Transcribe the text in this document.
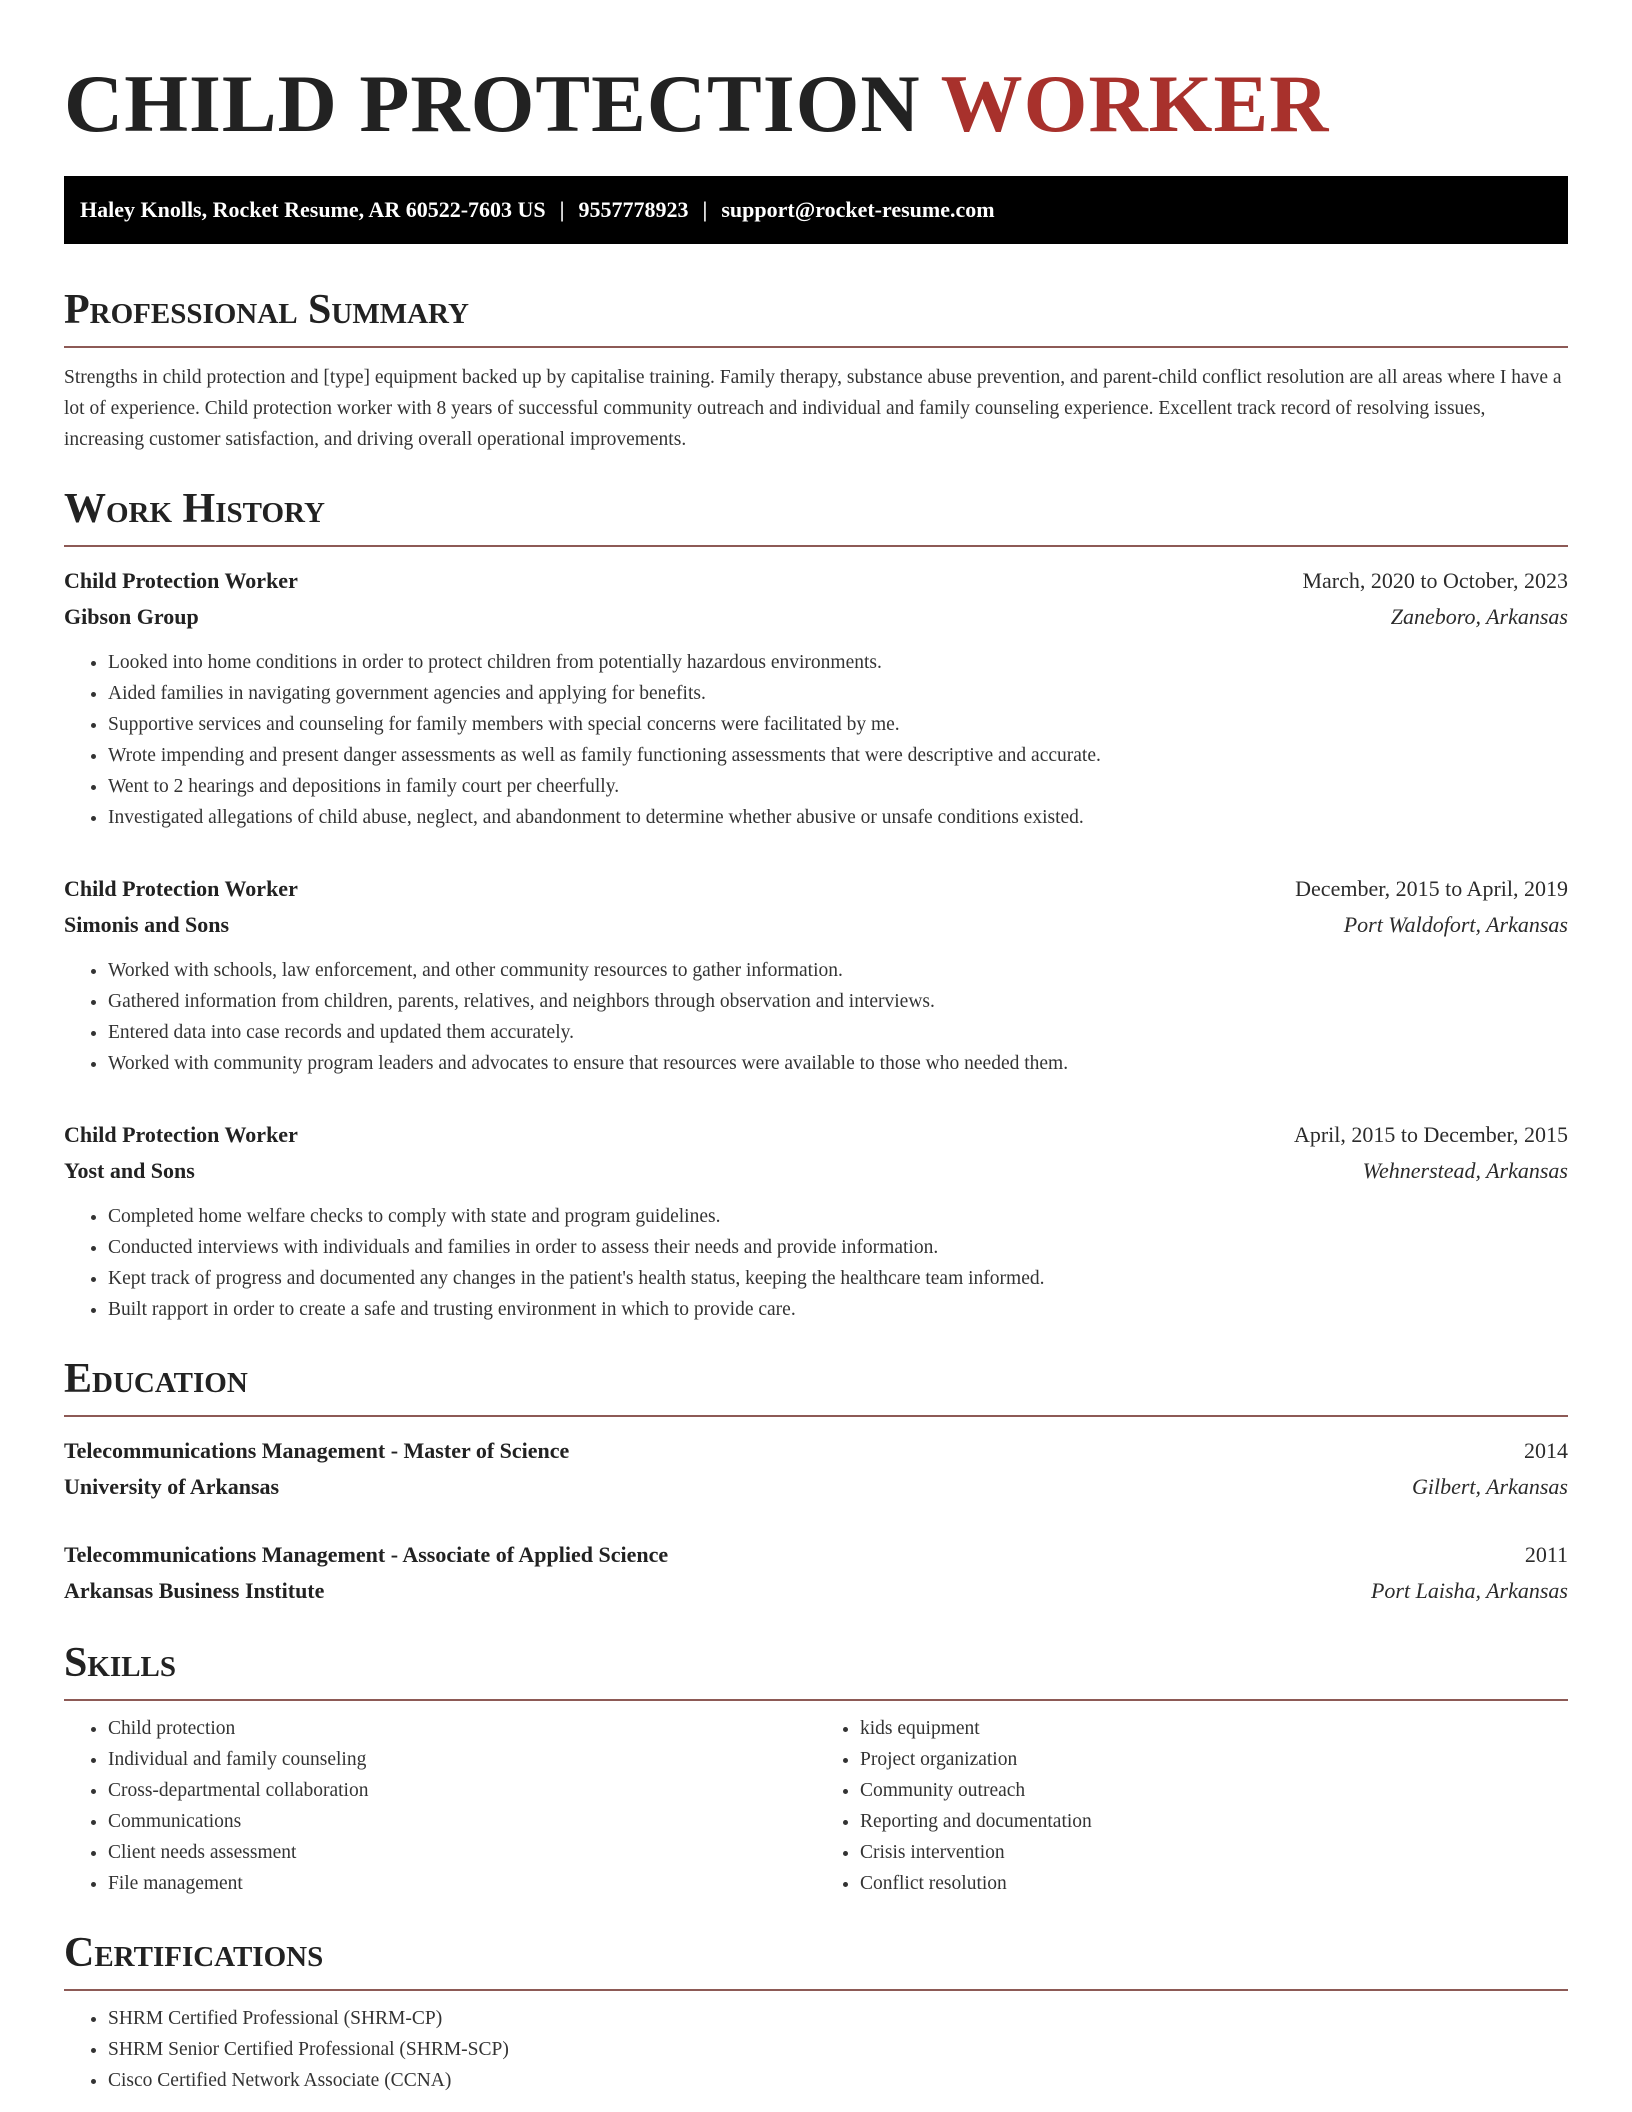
CHILD PROTECTION WORKER
Haley Knolls, Rocket Resume, AR 60522-7603 US | 9557778923 | support@rocket-resume.com
Professional Summary

Strengths in child protection and [type] equipment backed up by capitalise training. Family therapy, substance abuse prevention, and parent-child conflict resolution are all areas where I have a lot of experience. Child protection worker with 8 years of successful community outreach and individual and family counseling experience. Excellent track record of resolving issues, increasing customer satisfaction, and driving overall operational improvements.

Work History
Child Protection Worker	March, 2020 to October, 2023
Gibson Group	Zaneboro, Arkansas
• Looked into home conditions in order to protect children from potentially hazardous environments.
• Aided families in navigating government agencies and applying for benefits.
• Supportive services and counseling for family members with special concerns were facilitated by me.
• Wrote impending and present danger assessments as well as family functioning assessments that were descriptive and accurate.
• Went to 2 hearings and depositions in family court per cheerfully.
• Investigated allegations of child abuse, neglect, and abandonment to determine whether abusive or unsafe conditions existed.
Child Protection Worker	December, 2015 to April, 2019
Simonis and Sons	Port Waldofort, Arkansas
• Worked with schools, law enforcement, and other community resources to gather information.
• Gathered information from children, parents, relatives, and neighbors through observation and interviews.
• Entered data into case records and updated them accurately.
• Worked with community program leaders and advocates to ensure that resources were available to those who needed them.
Child Protection Worker	April, 2015 to December, 2015
Yost and Sons	Wehnerstead, Arkansas
• Completed home welfare checks to comply with state and program guidelines.
• Conducted interviews with individuals and families in order to assess their needs and provide information.
• Kept track of progress and documented any changes in the patient's health status, keeping the healthcare team informed.
• Built rapport in order to create a safe and trusting environment in which to provide care.
Education
Telecommunications Management - Master of Science	2014
University of Arkansas	Gilbert, Arkansas
Telecommunications Management - Associate of Applied Science	2011
Arkansas Business Institute	Port Laisha, Arkansas
Skills
• Child protection
• Individual and family counseling
• Cross-departmental collaboration
• Communications
• Client needs assessment
• File management
• kids equipment
• Project organization
• Community outreach
• Reporting and documentation
• Crisis intervention
• Conflict resolution
Certifications
• SHRM Certified Professional (SHRM-CP)
• SHRM Senior Certified Professional (SHRM-SCP)
• Cisco Certified Network Associate (CCNA)
